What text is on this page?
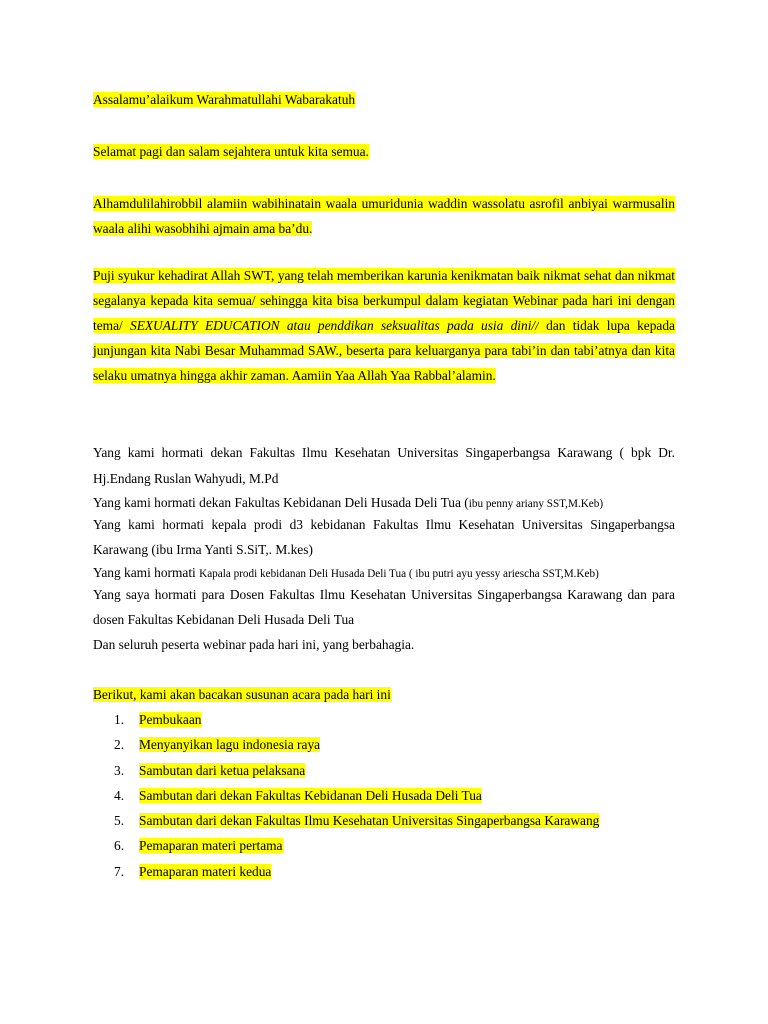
Assalamu’alaikum Warahmatullahi Wabarakatuh

Selamat pagi dan salam sejahtera untuk kita semua.

Alhamdulilahirobbil alamiin wabihinatain waala umuridunia waddin wassolatu asrofil anbiyai warmusalin waala alihi wasobhihi ajmain ama ba’du.

Puji syukur kehadirat Allah SWT, yang telah memberikan karunia kenikmatan baik nikmat sehat dan nikmat segalanya kepada kita semua/ sehingga kita bisa berkumpul dalam kegiatan Webinar pada hari ini dengan tema/ SEXUALITY EDUCATION atau penddikan seksualitas pada usia dini// dan tidak lupa kepada junjungan kita Nabi Besar Muhammad SAW., beserta para keluarganya para tabi’in dan tabi’atnya dan kita selaku umatnya hingga akhir zaman. Aamiin Yaa Allah Yaa Rabbal’alamin.

Yang kami hormati dekan Fakultas Ilmu Kesehatan Universitas Singaperbangsa Karawang ( bpk Dr. Hj.Endang Ruslan Wahyudi, M.Pd

Yang kami hormati dekan Fakultas Kebidanan Deli Husada Deli Tua (ibu penny ariany SST,M.Keb)

Yang kami hormati kepala prodi d3 kebidanan Fakultas Ilmu Kesehatan Universitas Singaperbangsa Karawang (ibu Irma Yanti S.SiT,. M.kes)

Yang kami hormati Kapala prodi kebidanan Deli Husada Deli Tua ( ibu putri ayu yessy ariescha SST,M.Keb)

Yang saya hormati para Dosen Fakultas Ilmu Kesehatan Universitas Singaperbangsa Karawang dan para dosen Fakultas Kebidanan Deli Husada Deli Tua

Dan seluruh peserta webinar pada hari ini, yang berbahagia.

Berikut, kami akan bacakan susunan acara pada hari ini

1. Pembukaan
2. Menyanyikan lagu indonesia raya
3. Sambutan dari ketua pelaksana
4. Sambutan dari dekan Fakultas Kebidanan Deli Husada Deli Tua
5. Sambutan dari dekan Fakultas Ilmu Kesehatan Universitas Singaperbangsa Karawang
6. Pemaparan materi pertama
7. Pemaparan materi kedua
